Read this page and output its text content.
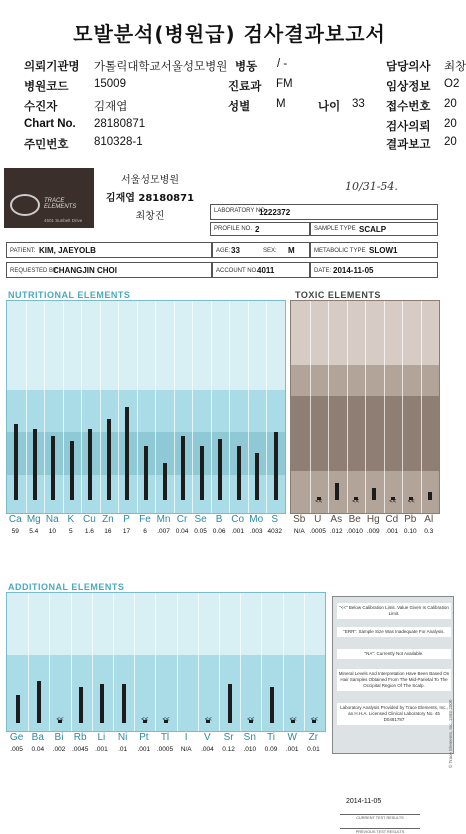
모발분석(병원급) 검사결과보고서
의뢰기관명 가톨릭대학교서울성모병원 병동 / -	담당의사 최창
병원코드 15009	진료과 FM	임상정보 O2
수진자	김재엽	성별 M	나이 33 접수번호 20
Chart No. 28180871	검사의뢰 20
주민번호 810328-1	결과보고 20
TRACE ELEMENTS
4501 Sunbelt Drive
서울성모병원
김재엽 28180871
최창진
10/31-54.
LABORATORY NO.
1222372
PROFILE NO. 2	SAMPLE TYPE SCALP
PATIENT: KIM, JAEYOLB	AGE: 33	SEX: M	METABOLIC TYPE SLOW1
REQUESTED BY
CHANGJIN CHOI	ACCOUNT NO. 4011	DATE: 2014-11-05
NUTRITIONAL ELEMENTS	TOXIC ELEMENTS
ADDITIONAL ELEMENTS
<<	<<	<<	<<
<<	<<	<<	<<	<<	<<	<<
Ca
59
Mg
5.4
Na
10
K
5
Cu
1.6
Zn
16
P
17
Fe
6
Mn
.007
Cr
0.04
Se
0.05
B
0.06
Co
.001
Mo
.003
S
4032
Sb
N/A
U
.0005
As
.012
Be
.0010
Hg
.009
Cd
.001
Pb
0.10
Al
0.3
Ge
.005
Ba
0.04
Bi
.002
Rb
.0045
Li
.001
Ni
.01
Pt
.001
Tl
.0005
I
N/A
V
.004
Sr
0.12
Sn
.010
Ti
0.09
W
.001
Zr
0.01
"<<" Below Calibration Limit. Value Given Is Calibration Limit.
"ERR": Sample Size Was Inadequate For Analysis.
"NA": Currently Not Available.
Mineral Levels And Interpretation Have Been Based On Hair Samples Obtained From The Mid-Parietal To The Occipital Region Of The Scalp.
Laboratory Analysis Provided by Trace Elements, Inc., an H.H.A. Licensed Clinical Laboratory No. 45 D0481787
2014-11-05
CURRENT TEST RESULTS
PREVIOUS TEST RESULTS
© Trace Elements, Inc. 1998-2000
